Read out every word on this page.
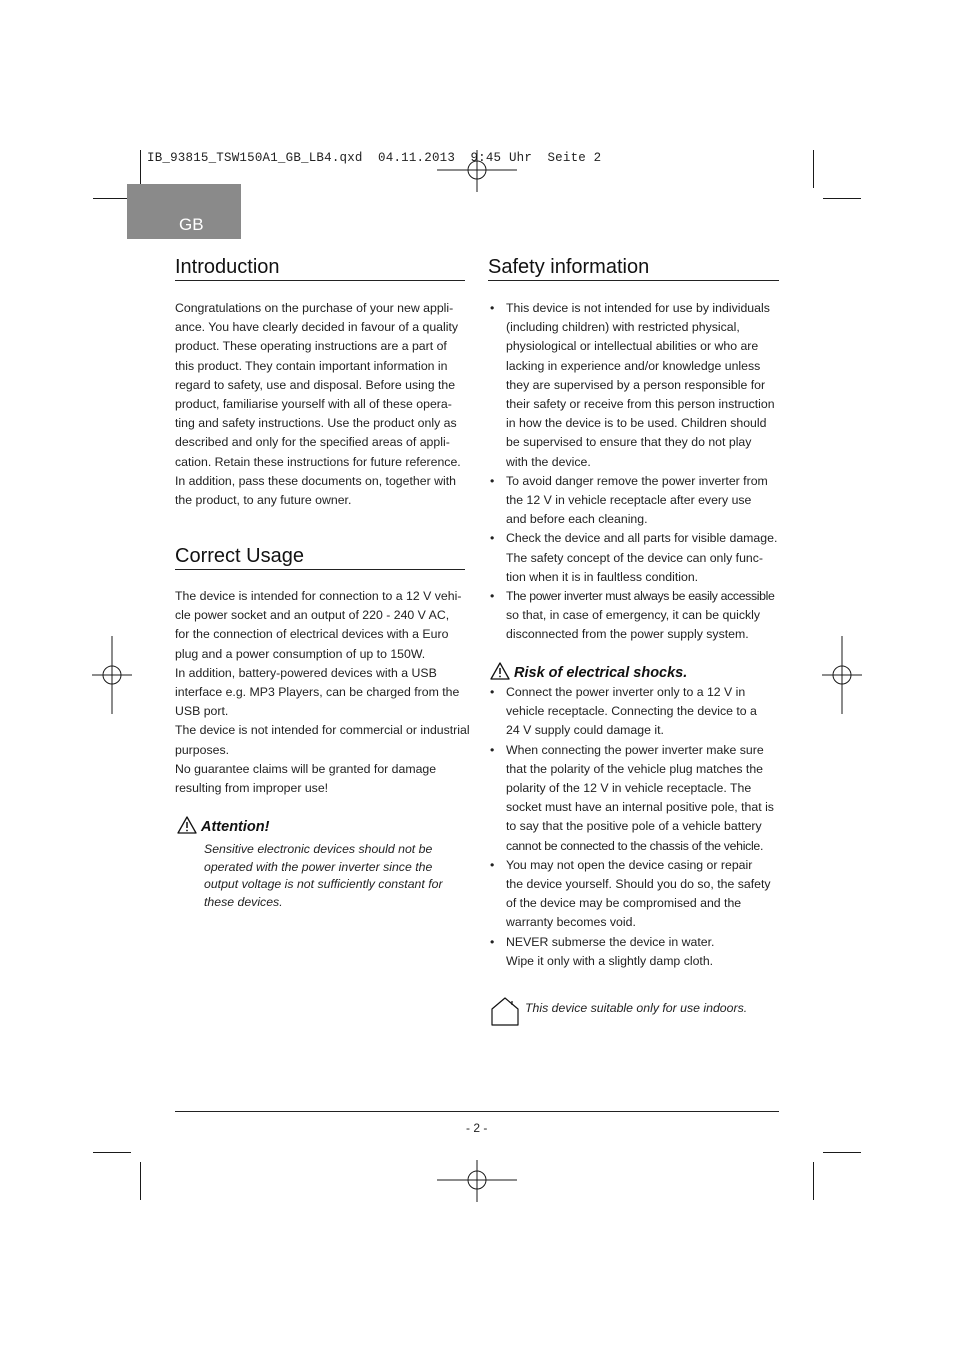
IB_93815_TSW150A1_GB_LB4.qxd  04.11.2013  9:45 Uhr  Seite 2
GB
Introduction

Congratulations on the purchase of your new appli-

ance. You have clearly decided in favour of a quality

product. These operating instructions are a part of

this product. They contain important information in

regard to safety, use and disposal. Before using the

product, familiarise yourself with all of these opera-

ting and safety instructions. Use the product only as

described and only for the specified areas of appli-

cation. Retain these instructions for future reference.

In addition, pass these documents on, together with

the product, to any future owner.

Correct Usage

The device is intended for connection to a 12 V vehi-

cle power socket and an output of 220 - 240 V AC,

for the connection of electrical devices with a Euro

plug and a power consumption of up to 150W.

In addition, battery-powered devices with a USB

interface e.g. MP3 Players, can be charged from the

USB port.

The device is not intended for commercial or industrial

purposes.

No guarantee claims will be granted for damage

resulting from improper use!

Attention!
Sensitive electronic devices should not be
operated with the power inverter since the
output voltage is not sufficiently constant for
these devices.
Safety information
• This device is not intended for use by individuals
(including children) with restricted physical,
physiological or intellectual abilities or who are
lacking in experience and/or knowledge unless
they are supervised by a person responsible for
their safety or receive from this person instruction
in how the device is to be used. Children should
be supervised to ensure that they do not play
with the device.
• To avoid danger remove the power inverter from
the 12 V in vehicle receptacle after every use
and before each cleaning.
• Check the device and all parts for visible damage.
The safety concept of the device can only func-
tion when it is in faultless condition.
• The power inverter must always be easily accessible
so that, in case of emergency, it can be quickly
disconnected from the power supply system.
Risk of electrical shocks.
• Connect the power inverter only to a 12 V in
vehicle receptacle. Connecting the device to a
24 V supply could damage it.
• When connecting the power inverter make sure
that the polarity of the vehicle plug matches the
polarity of the 12 V in vehicle receptacle. The
socket must have an internal positive pole, that is
to say that the positive pole of a vehicle battery
cannot be connected to the chassis of the vehicle.
• You may not open the device casing or repair
the device yourself. Should you do so, the safety
of the device may be compromised and the
warranty becomes void.
• NEVER submerse the device in water.
Wipe it only with a slightly damp cloth.
This device suitable only for use indoors.
- 2 -
